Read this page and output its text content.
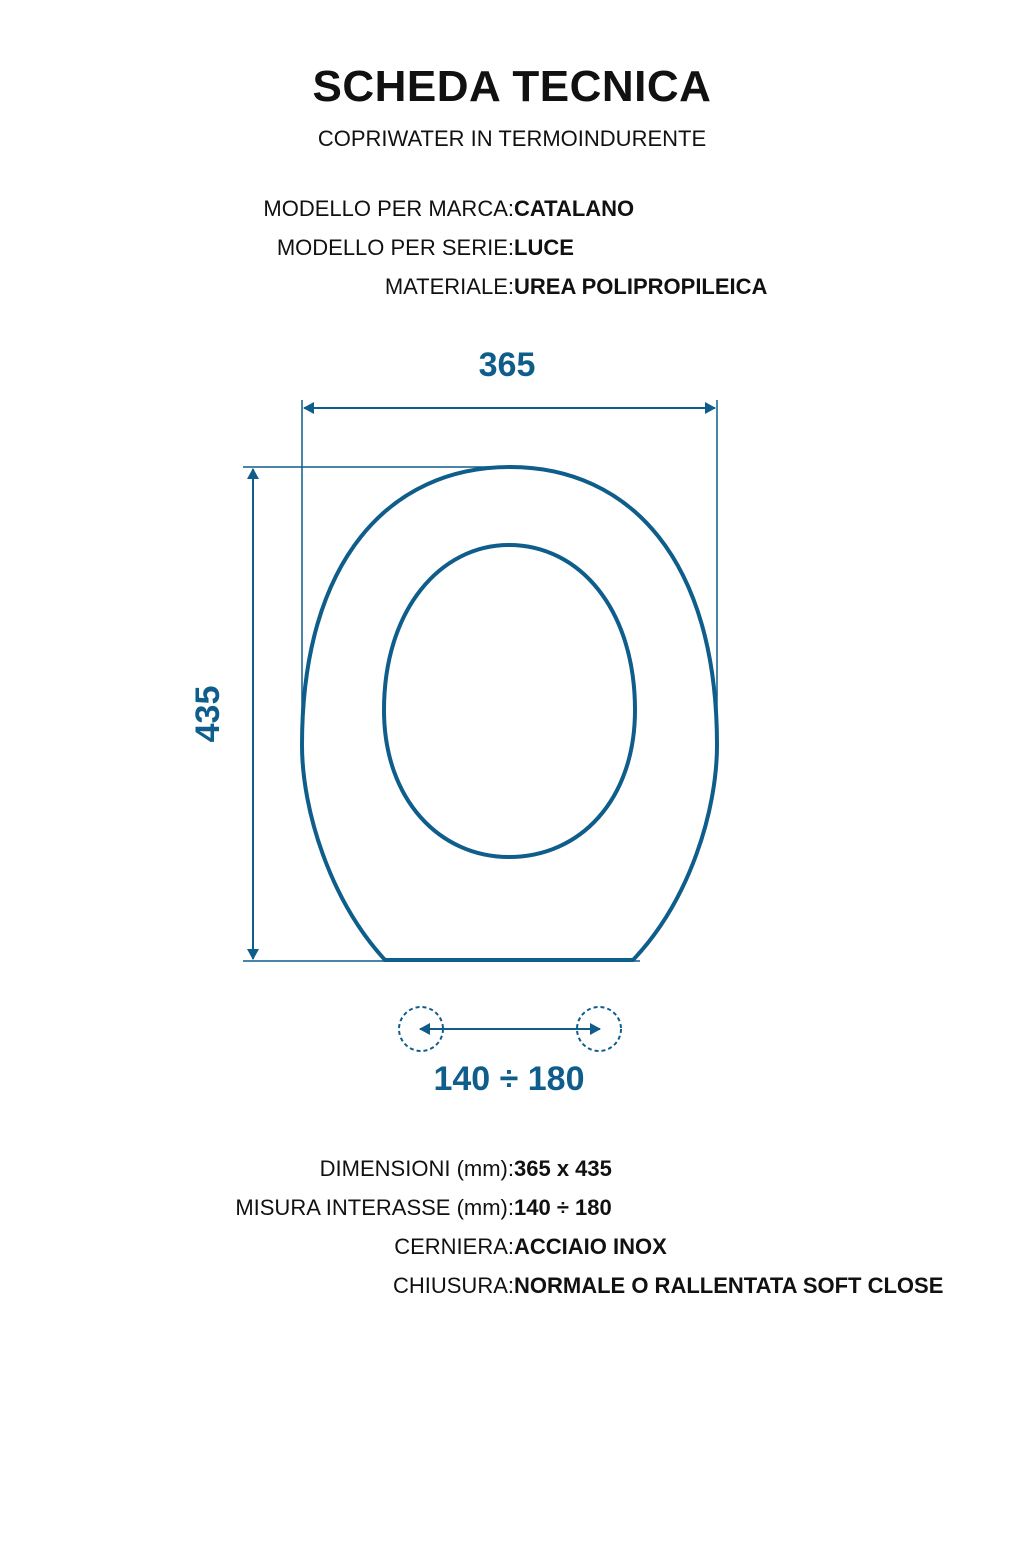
SCHEDA TECNICA

COPRIWATER IN TERMOINDURENTE

MODELLO PER MARCA: CATALANO
MODELLO PER SERIE: LUCE
MATERIALE: UREA POLIPROPILEICA
365
435
140 ÷ 180
DIMENSIONI (mm): 365 x 435
MISURA INTERASSE (mm): 140 ÷ 180
CERNIERA: ACCIAIO INOX
CHIUSURA: NORMALE O RALLENTATA SOFT CLOSE
